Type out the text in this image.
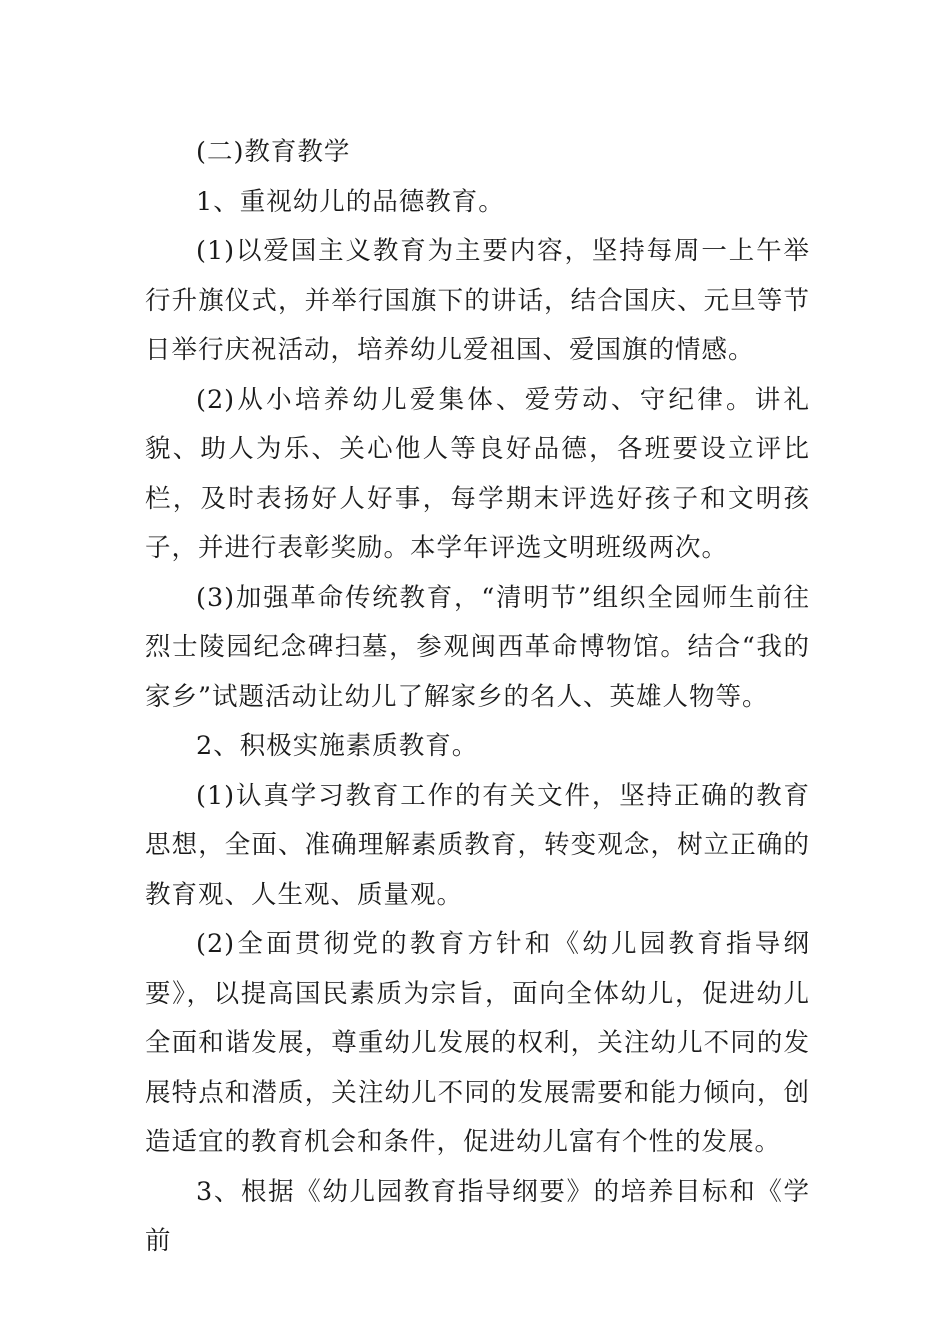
(二)教育教学

1、重视幼儿的品德教育。

(1)以爱国主义教育为主要内容，坚持每周一上午举行升旗仪式，并举行国旗下的讲话，结合国庆、元旦等节日举行庆祝活动，培养幼儿爱祖国、爱国旗的情感。

(2)从小培养幼儿爱集体、爱劳动、守纪律。讲礼貌、助人为乐、关心他人等良好品德，各班要设立评比栏，及时表扬好人好事，每学期末评选好孩子和文明孩子，并进行表彰奖励。本学年评选文明班级两次。

(3)加强革命传统教育，“清明节”组织全园师生前往烈士陵园纪念碑扫墓，参观闽西革命博物馆。结合“我的家乡”试题活动让幼儿了解家乡的名人、英雄人物等。

2、积极实施素质教育。

(1)认真学习教育工作的有关文件，坚持正确的教育思想，全面、准确理解素质教育，转变观念，树立正确的教育观、人生观、质量观。

(2)全面贯彻党的教育方针和《幼儿园教育指导纲要》，以提高国民素质为宗旨，面向全体幼儿，促进幼儿全面和谐发展，尊重幼儿发展的权利，关注幼儿不同的发展特点和潜质，关注幼儿不同的发展需要和能力倾向，创造适宜的教育机会和条件，促进幼儿富有个性的发展。

3、根据《幼儿园教育指导纲要》的培养目标和《学前
